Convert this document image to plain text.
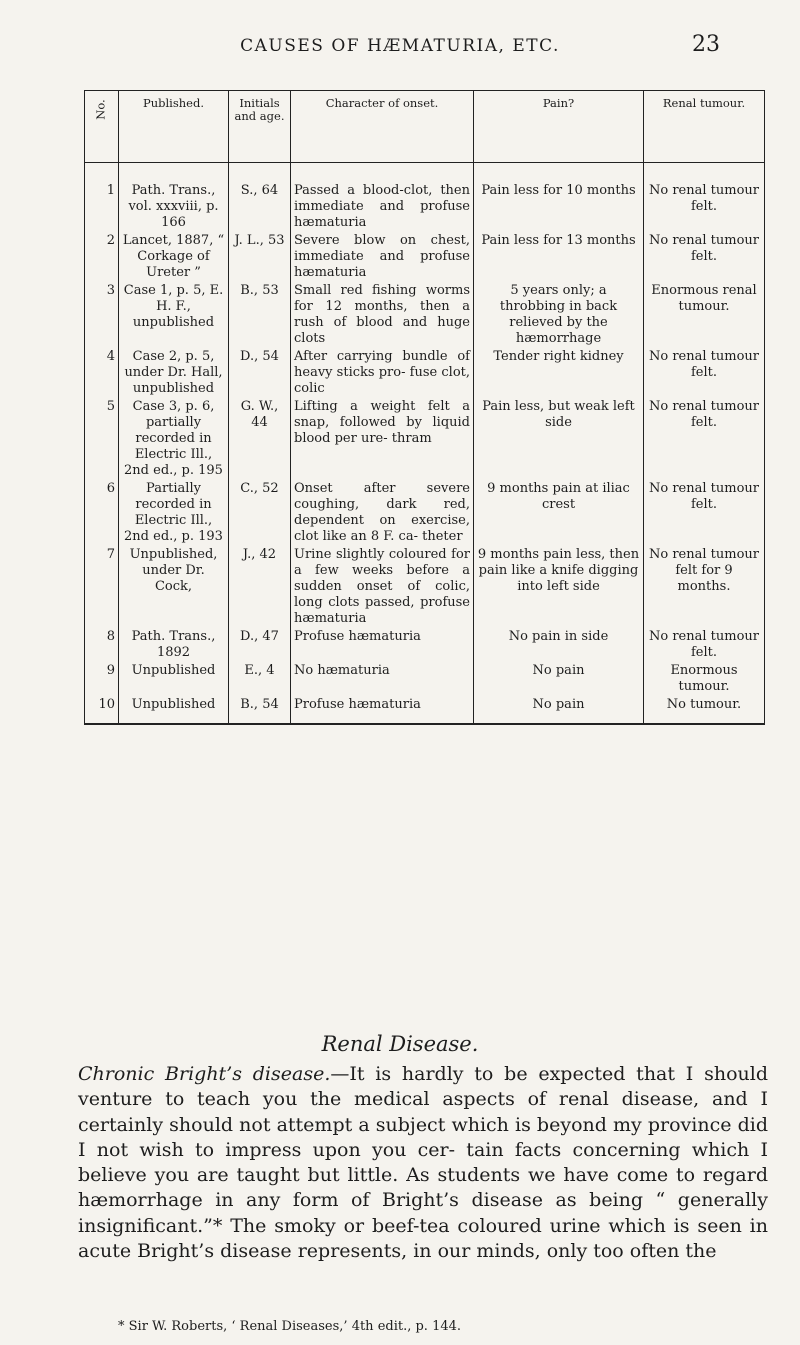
CAUSES OF HÆMATURIA, ETC.	23
No.	Published.	Initials and age.	Character of onset.	Pain?	Renal tumour.
1	Path. Trans., vol. xxxviii, p. 166	S., 64	Passed a blood-clot, then immediate and profuse hæmaturia	Pain less for 10 months	No renal tumour felt.
2	Lancet, 1887, “ Corkage of Ureter ”	J. L., 53	Severe blow on chest, immediate and profuse hæmaturia	Pain less for 13 months	No renal tumour felt.
3	Case 1, p. 5, E. H. F., unpublished	B., 53	Small red fishing worms for 12 months, then a rush of blood and huge clots	5 years only; a throbbing in back relieved by the hæmorrhage	Enormous renal tumour.
4	Case 2, p. 5, under Dr. Hall, unpublished	D., 54	After carrying bundle of heavy sticks pro- fuse clot, colic	Tender right kidney	No renal tumour felt.
5	Case 3, p. 6, partially recorded in Electric Ill., 2nd ed., p. 195	G. W., 44	Lifting a weight felt a snap, followed by liquid blood per ure- thram	Pain less, but weak left side	No renal tumour felt.
6	Partially recorded in Electric Ill., 2nd ed., p. 193	C., 52	Onset after severe coughing, dark red, dependent on exercise, clot like an 8 F. ca- theter	9 months pain at iliac crest	No renal tumour felt.
7	Unpublished, under Dr. Cock,	J., 42	Urine slightly coloured for a few weeks before a sudden onset of colic, long clots passed, profuse hæmaturia	9 months pain less, then pain like a knife digging into left side	No renal tumour felt for 9 months.
8	Path. Trans., 1892	D., 47	Profuse hæmaturia	No pain in side	No renal tumour felt.
9	Unpublished	E., 4	No hæmaturia	No pain	Enormous tumour.
10	Unpublished	B., 54	Profuse hæmaturia	No pain	No tumour.
Renal Disease.

Chronic Bright’s disease.—It is hardly to be expected that I should venture to teach you the medical aspects of renal disease, and I certainly should not attempt a subject which is beyond my province did I not wish to impress upon you cer- tain facts concerning which I believe you are taught but little. As students we have come to regard hæmorrhage in any form of Bright’s disease as being “ generally insignificant.”* The smoky or beef-tea coloured urine which is seen in acute Bright’s disease represents, in our minds, only too often the

* Sir W. Roberts, ‘ Renal Diseases,’ 4th edit., p. 144.
